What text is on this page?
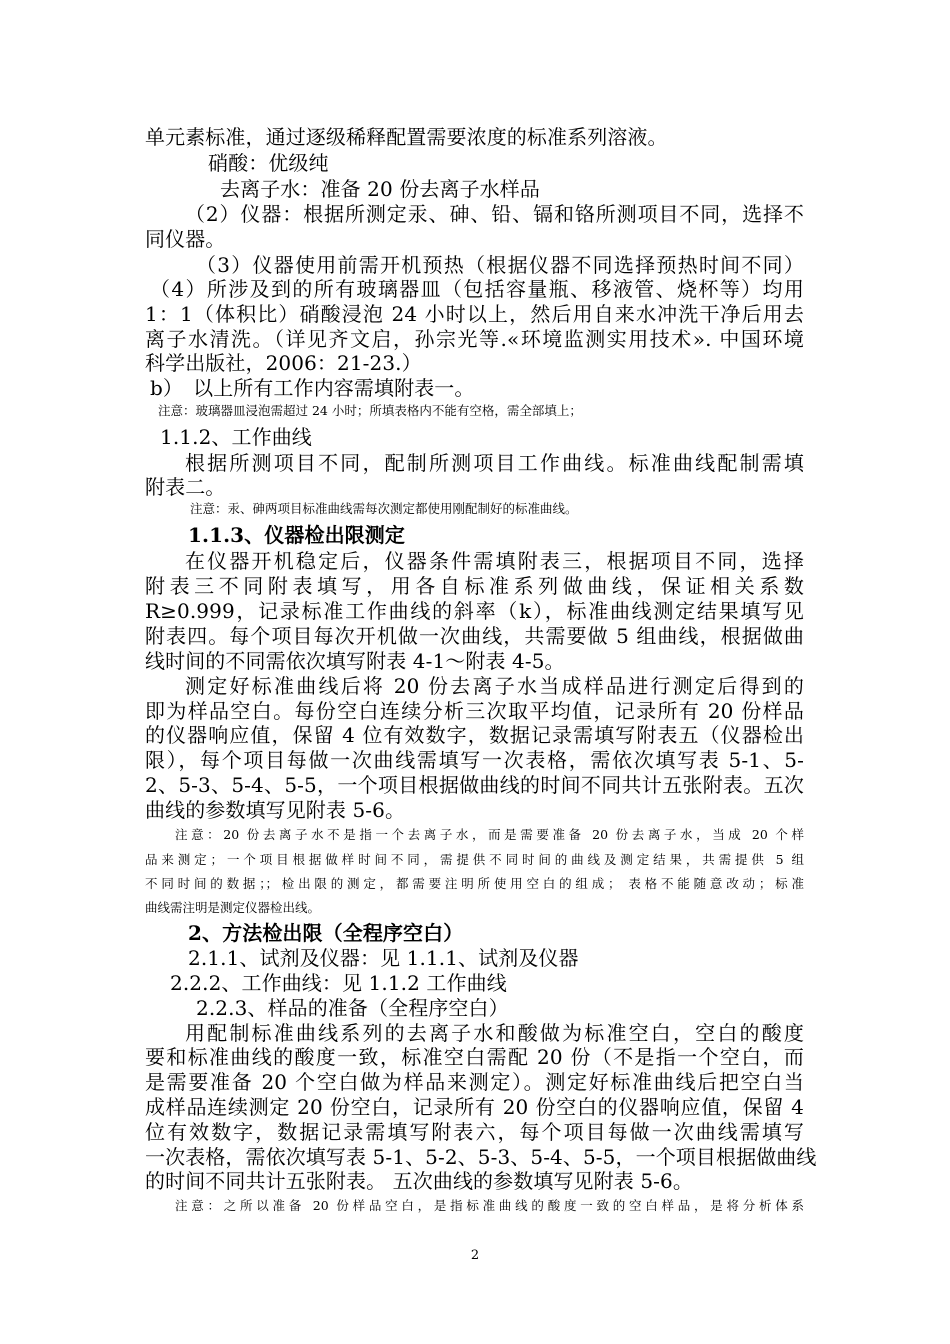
单元素标准，通过逐级稀释配置需要浓度的标准系列溶液。
硝酸：优级纯
去离子水：准备 20 份去离子水样品
（2）仪器：根据所测定汞、砷、铅、镉和铬所测项目不同，选择不
同仪器。
（3）仪器使用前需开机预热（根据仪器不同选择预热时间不同）
（4）所涉及到的所有玻璃器皿（包括容量瓶、移液管、烧杯等）均用
1：1（体积比）硝酸浸泡 24 小时以上，然后用自来水冲洗干净后用去
离子水清洗。（详见齐文启，孙宗光等.«环境监测实用技术». 中国环境
科学出版社，2006：21-23.）
b）　以上所有工作内容需填附表一。
注意：玻璃器皿浸泡需超过 24 小时；所填表格内不能有空格，需全部填上；
1.1.2、工作曲线
根据所测项目不同，配制所测项目工作曲线。标准曲线配制需填
附表二。
注意：汞、砷两项目标准曲线需每次测定都使用刚配制好的标准曲线。
1.1.3、仪器检出限测定
在仪器开机稳定后，仪器条件需填附表三，根据项目不同，选择
附表三不同附表填写，用各自标准系列做曲线，保证相关系数
R≥0.999，记录标准工作曲线的斜率（k），标准曲线测定结果填写见
附表四。每个项目每次开机做一次曲线，共需要做 5 组曲线，根据做曲
线时间的不同需依次填写附表 4-1～附表 4-5。
测定好标准曲线后将 20 份去离子水当成样品进行测定后得到的
即为样品空白。每份空白连续分析三次取平均值，记录所有 20 份样品
的仪器响应值，保留 4 位有效数字，数据记录需填写附表五（仪器检出
限），每个项目每做一次曲线需填写一次表格，需依次填写表 5-1、5-
2、5-3、5-4、5-5，一个项目根据做曲线的时间不同共计五张附表。五次
曲线的参数填写见附表 5-6。
注意：20 份去离子水不是指一个去离子水，而是需要准备 20 份去离子水，当成 20 个样
品来测定；一个项目根据做样时间不同，需提供不同时间的曲线及测定结果，共需提供 5 组
不同时间的数据；；检出限的测定，都需要注明所使用空白的组成； 表格不能随意改动；标准
曲线需注明是测定仪器检出线。
2、方法检出限（全程序空白）
2.1.1、试剂及仪器：见 1.1.1、试剂及仪器
2.2.2、工作曲线：见 1.1.2 工作曲线
2.2.3、样品的准备（全程序空白）
用配制标准曲线系列的去离子水和酸做为标准空白，空白的酸度
要和标准曲线的酸度一致，标准空白需配 20 份（不是指一个空白，而
是需要准备 20 个空白做为样品来测定）。测定好标准曲线后把空白当
成样品连续测定 20 份空白，记录所有 20 份空白的仪器响应值，保留 4
位有效数字，数据记录需填写附表六，每个项目每做一次曲线需填写
一次表格，需依次填写表 5-1、5-2、5-3、5-4、5-5，一个项目根据做曲线
的时间不同共计五张附表。 五次曲线的参数填写见附表 5-6。
注意：之所以准备 20 份样品空白，是指标准曲线的酸度一致的空白样品，是将分析体系
2
